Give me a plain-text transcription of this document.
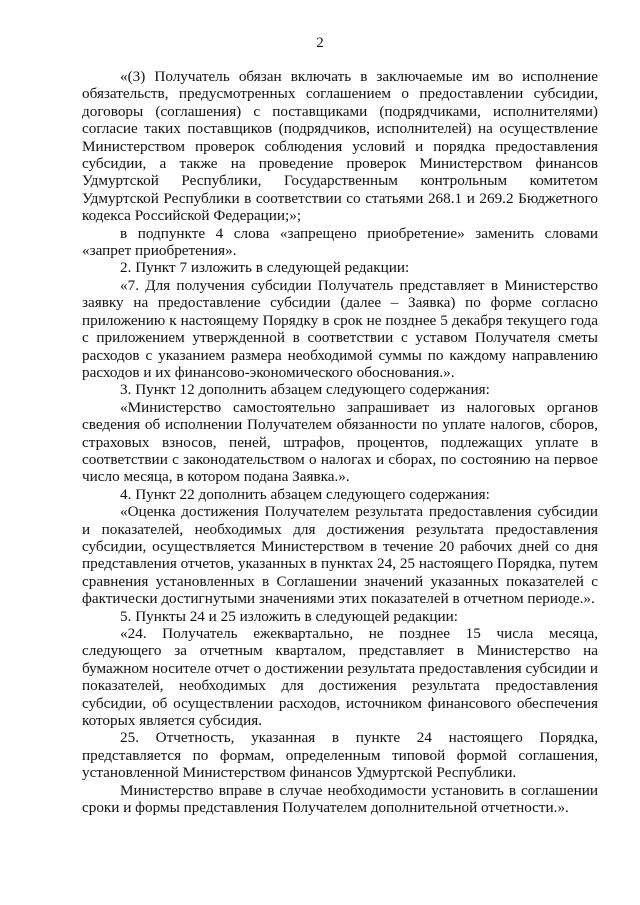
2

«(3) Получатель обязан включать в заключаемые им во исполнение обязательств, предусмотренных соглашением о предоставлении субсидии, договоры (соглашения) с поставщиками (подрядчиками, исполнителями) согласие таких поставщиков (подрядчиков, исполнителей) на осуществление Министерством проверок соблюдения условий и порядка предоставления субсидии, а также на проведение проверок Министерством финансов Удмуртской Республики, Государственным контрольным комитетом Удмуртской Республики в соответствии со статьями 268.1 и 269.2 Бюджетного кодекса Российской Федерации;»;

в подпункте 4 слова «запрещено приобретение» заменить словами «запрет приобретения».

2. Пункт 7 изложить в следующей редакции:

«7. Для получения субсидии Получатель представляет в Министерство заявку на предоставление субсидии (далее – Заявка) по форме согласно приложению к настоящему Порядку в срок не позднее 5 декабря текущего года с приложением утвержденной в соответствии с уставом Получателя сметы расходов с указанием размера необходимой суммы по каждому направлению расходов и их финансово-экономического обоснования.».

3. Пункт 12 дополнить абзацем следующего содержания:

«Министерство самостоятельно запрашивает из налоговых органов сведения об исполнении Получателем обязанности по уплате налогов, сборов, страховых взносов, пеней, штрафов, процентов, подлежащих уплате в соответствии с законодательством о налогах и сборах, по состоянию на первое число месяца, в котором подана Заявка.».

4. Пункт 22 дополнить абзацем следующего содержания:

«Оценка достижения Получателем результата предоставления субсидии и показателей, необходимых для достижения результата предоставления субсидии, осуществляется Министерством в течение 20 рабочих дней со дня представления отчетов, указанных в пунктах 24, 25 настоящего Порядка, путем сравнения установленных в Соглашении значений указанных показателей с фактически достигнутыми значениями этих показателей в отчетном периоде.».

5. Пункты 24 и 25 изложить в следующей редакции:

«24. Получатель ежеквартально, не позднее 15 числа месяца, следующего за отчетным кварталом, представляет в Министерство на бумажном носителе отчет о достижении результата предоставления субсидии и показателей, необходимых для достижения результата предоставления субсидии, об осуществлении расходов, источником финансового обеспечения которых является субсидия.

25. Отчетность, указанная в пункте 24 настоящего Порядка, представляется по формам, определенным типовой формой соглашения, установленной Министерством финансов Удмуртской Республики.

Министерство вправе в случае необходимости установить в соглашении сроки и формы представления Получателем дополнительной отчетности.».
